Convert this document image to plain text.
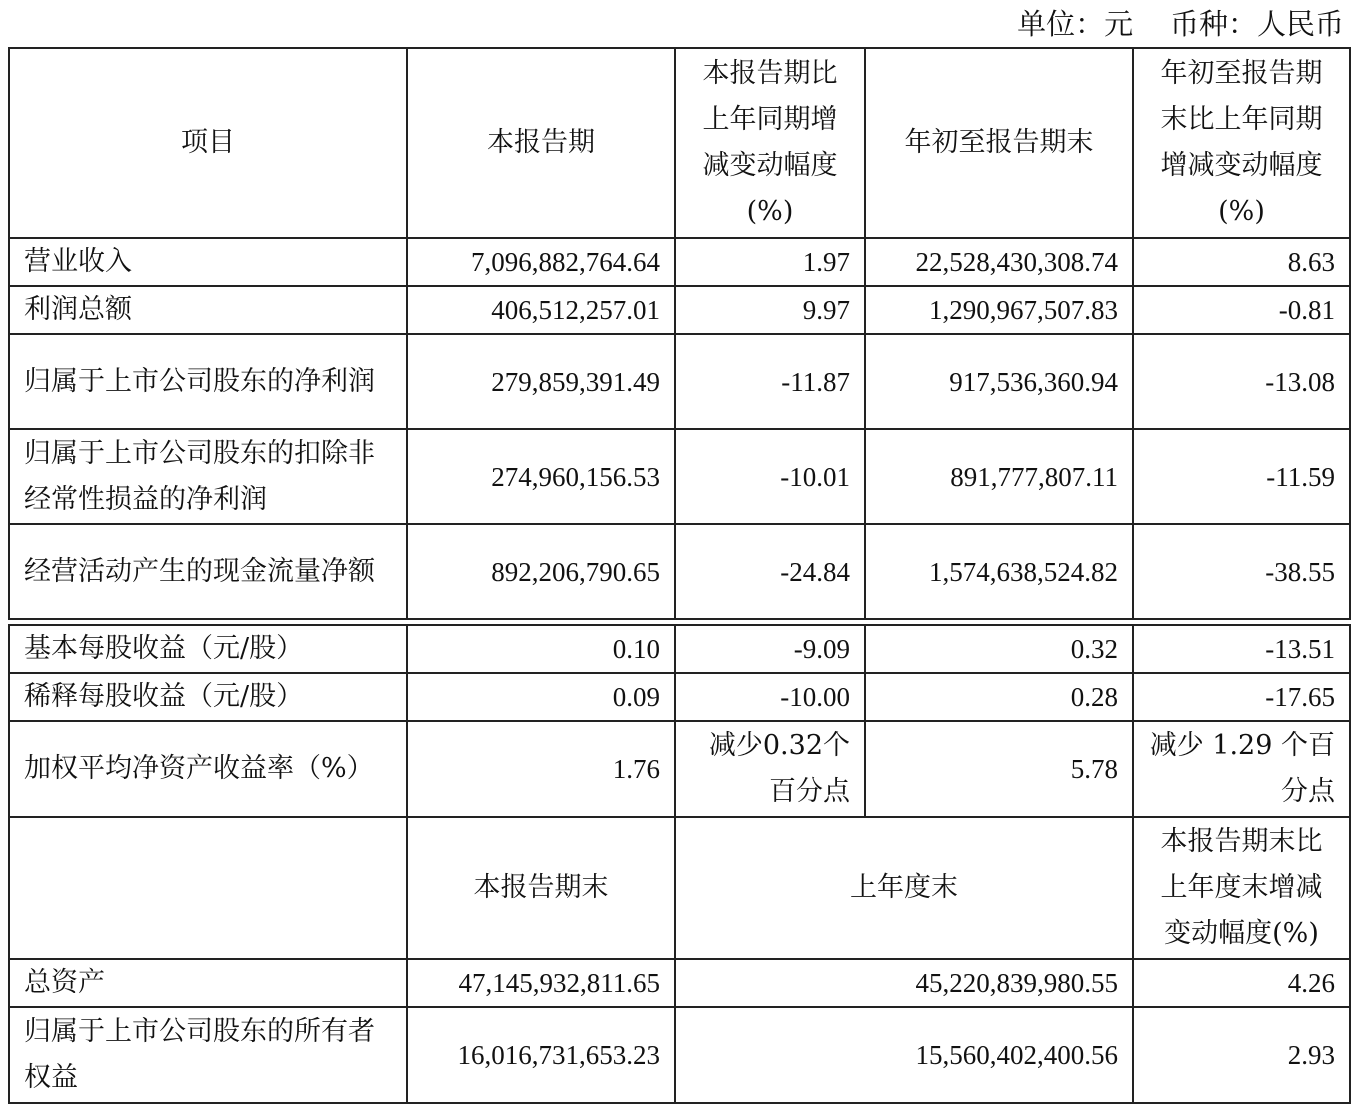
单位：元    币种：人民币
项目	本报告期	本报告期比上年同期增减变动幅度(%)	年初至报告期末	年初至报告期末比上年同期增减变动幅度(%)
营业收入	7,096,882,764.64	1.97	22,528,430,308.74	8.63
利润总额	406,512,257.01	9.97	1,290,967,507.83	-0.81
归属于上市公司股东的净利润	279,859,391.49	-11.87	917,536,360.94	-13.08
归属于上市公司股东的扣除非经常性损益的净利润	274,960,156.53	-10.01	891,777,807.11	-11.59
经营活动产生的现金流量净额	892,206,790.65	-24.84	1,574,638,524.82	-38.55

基本每股收益（元/股）	0.10	-9.09	0.32	-13.51
稀释每股收益（元/股）	0.09	-10.00	0.28	-17.65
加权平均净资产收益率（%）	1.76	减少0.32个百分点	5.78	减少 1.29 个百分点
	本报告期末	上年度末		本报告期末比上年度末增减变动幅度(%)
总资产	47,145,932,811.65	45,220,839,980.55		4.26
归属于上市公司股东的所有者权益	16,016,731,653.23	15,560,402,400.56		2.93
